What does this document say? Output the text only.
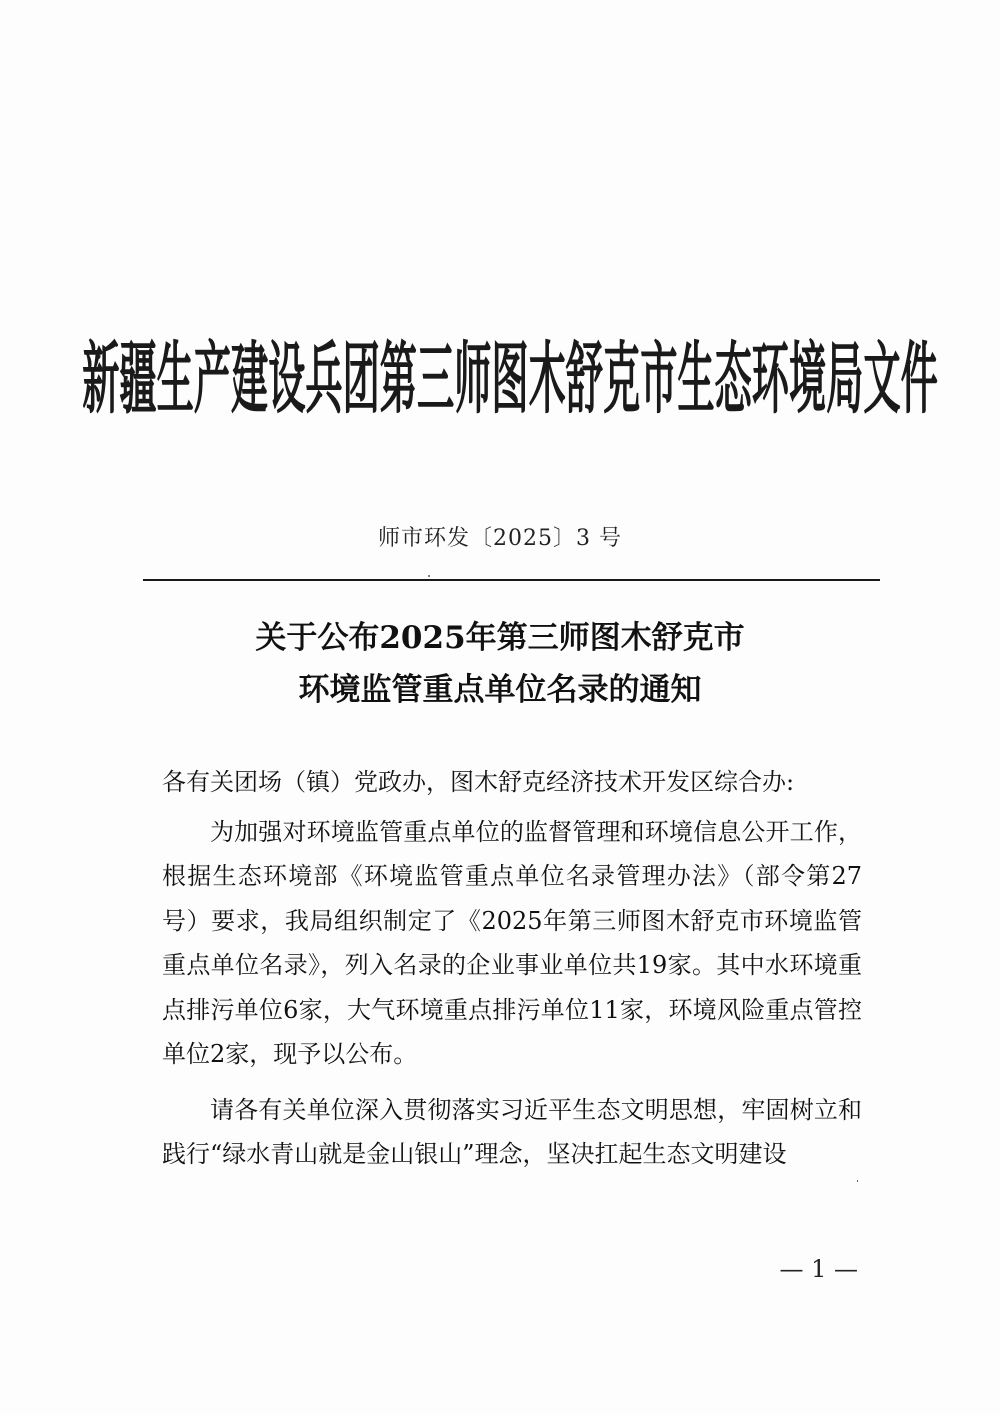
新疆生产建设兵团第三师图木舒克市生态环境局文件
师市环发〔2025〕3 号
关于公布2025年第三师图木舒克市
环境监管重点单位名录的通知

各有关团场（镇）党政办，图木舒克经济技术开发区综合办:

为加强对环境监管重点单位的监督管理和环境信息公开工作，根据生态环境部《环境监管重点单位名录管理办法》（部令第27号）要求，我局组织制定了《2025年第三师图木舒克市环境监管重点单位名录》，列入名录的企业事业单位共19家。其中水环境重点排污单位6家，大气环境重点排污单位11家，环境风险重点管控单位2家，现予以公布。

请各有关单位深入贯彻落实习近平生态文明思想，牢固树立和践行“绿水青山就是金山银山”理念，坚决扛起生态文明建设

— 1 —
